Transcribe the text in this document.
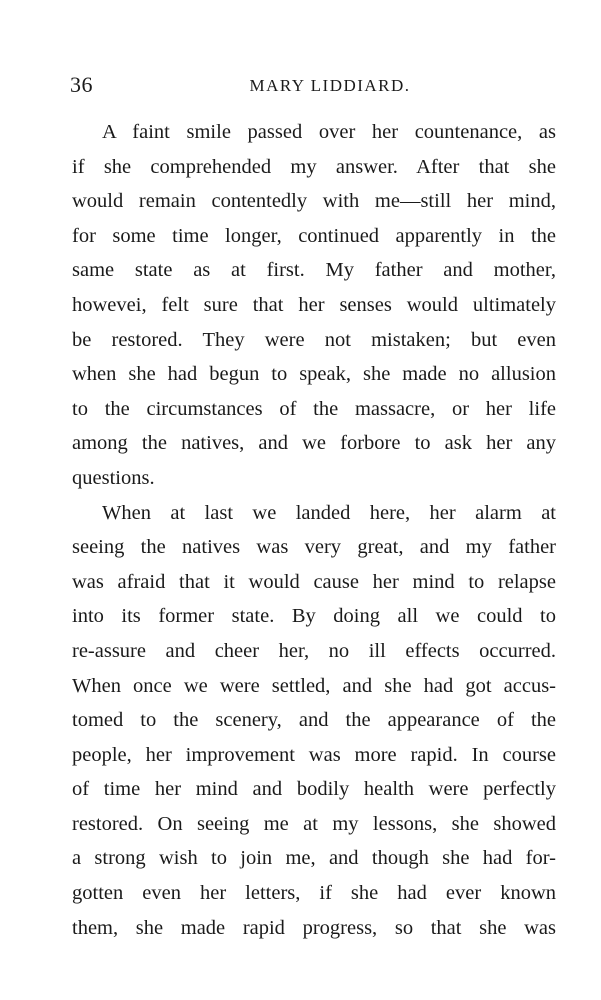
36	MARY LIDDIARD.
A faint smile passed over her countenance, as
if she comprehended my answer. After that she
would remain contentedly with me—still her mind,
for some time longer, continued apparently in the
same state as at first. My father and mother,
howevei, felt sure that her senses would ultimately
be restored. They were not mistaken; but even
when she had begun to speak, she made no allusion
to the circumstances of the massacre, or her life
among the natives, and we forbore to ask her any
questions.
When at last we landed here, her alarm at
seeing the natives was very great, and my father
was afraid that it would cause her mind to relapse
into its former state. By doing all we could to
re-assure and cheer her, no ill effects occurred.
When once we were settled, and she had got accus-
tomed to the scenery, and the appearance of the
people, her improvement was more rapid. In course
of time her mind and bodily health were perfectly
restored. On seeing me at my lessons, she showed
a strong wish to join me, and though she had for-
gotten even her letters, if she had ever known
them, she made rapid progress, so that she was
